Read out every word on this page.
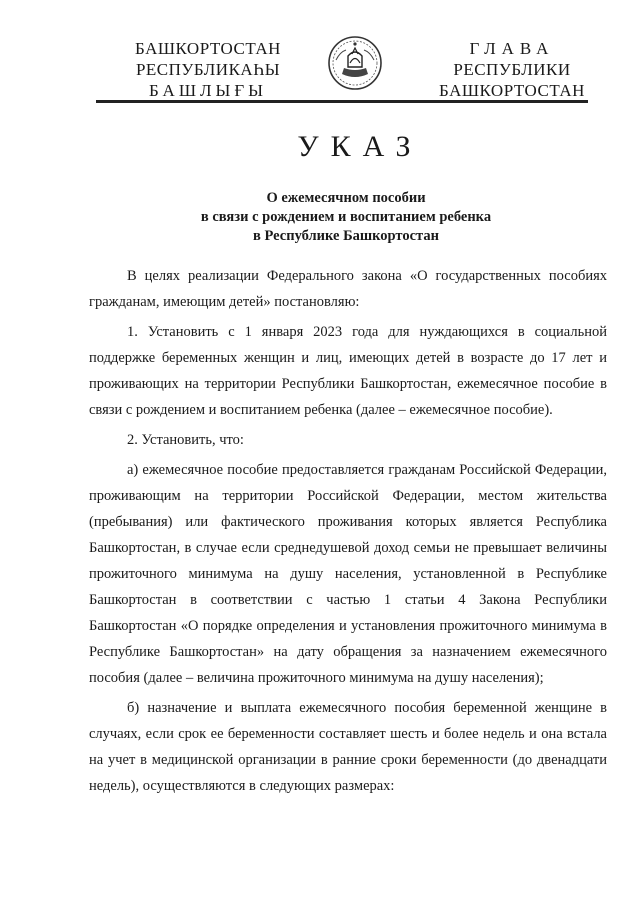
БАШКОРТОСТАН
РЕСПУБЛИКАҺЫ
БАШЛЫҒЫ
ГЛАВА
РЕСПУБЛИКИ
БАШКОРТОСТАН
УКАЗ
О ежемесячном пособии
в связи с рождением и воспитанием ребенка
в Республике Башкортостан

В целях реализации Федерального закона «О государственных пособиях гражданам, имеющим детей» постановляю:

1. Установить с 1 января 2023 года для нуждающихся в социальной поддержке беременных женщин и лиц, имеющих детей в возрасте до 17 лет и проживающих на территории Республики Башкортостан, ежемесячное пособие в связи с рождением и воспитанием ребенка (далее – ежемесячное пособие).

2. Установить, что:

а) ежемесячное пособие предоставляется гражданам Российской Федерации, проживающим на территории Российской Федерации, местом жительства (пребывания) или фактического проживания которых является Республика Башкортостан, в случае если среднедушевой доход семьи не превышает величины прожиточного минимума на душу населения, установленной в Республике Башкортостан в соответствии с частью 1 статьи 4 Закона Республики Башкортостан «О порядке определения и установления прожиточного минимума в Республике Башкортостан» на дату обращения за назначением ежемесячного пособия (далее – величина прожиточного минимума на душу населения);

б) назначение и выплата ежемесячного пособия беременной женщине в случаях, если срок ее беременности составляет шесть и более недель и она встала на учет в медицинской организации в ранние сроки беременности (до двенадцати недель), осуществляются в следующих размерах:
